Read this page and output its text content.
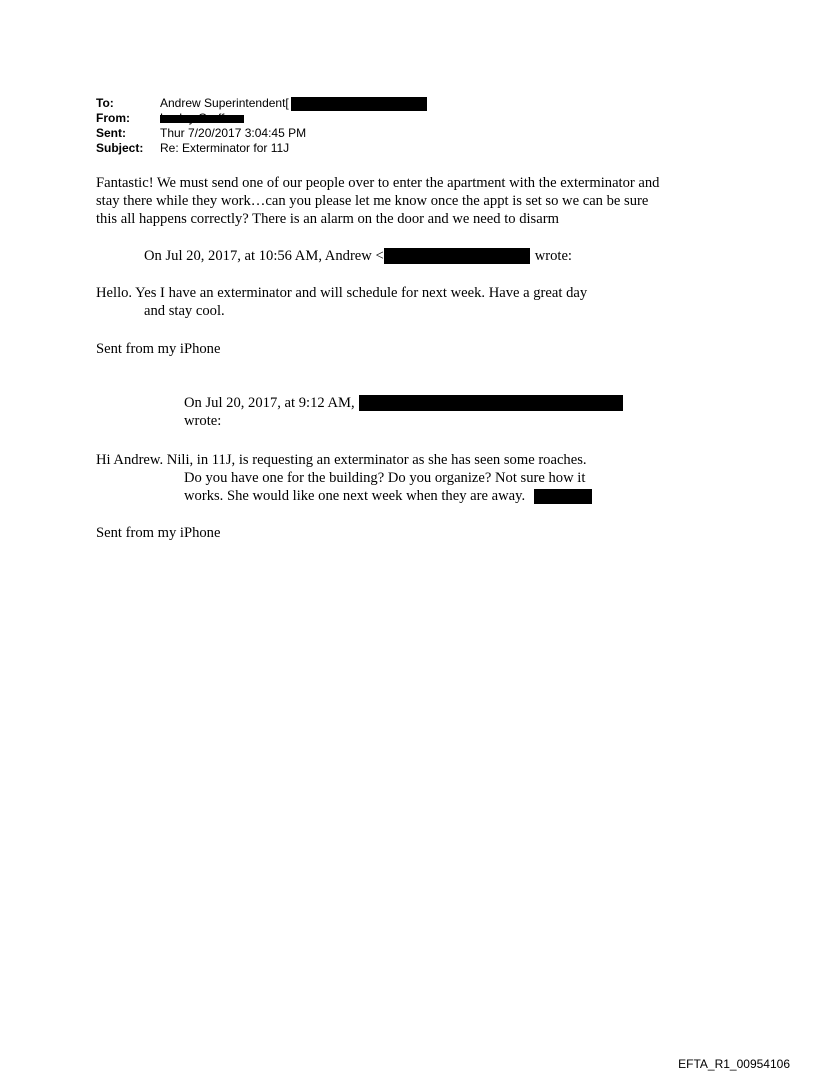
To:	Andrew Superintendent[
From:
Sent:	Thur 7/20/2017 3:04:45 PM
Subject:	Re: Exterminator for 11J
Fantastic! We must send one of our people over to enter the apartment with the exterminator and
stay there while they work…can you please let me know once the appt is set so we can be sure
this all happens correctly? There is an alarm on the door and we need to disarm
On Jul 20, 2017, at 10:56 AM, Andrew <	wrote:
Hello. Yes I have an exterminator and will schedule for next week. Have a great day
and stay cool.
Sent from my iPhone
On Jul 20, 2017, at 9:12 AM,
wrote:
Hi Andrew. Nili, in 11J, is requesting an exterminator as she has seen some roaches.
Do you have one for the building? Do you organize? Not sure how it
works. She would like one next week when they are away.
Sent from my iPhone
EFTA_R1_00954106
